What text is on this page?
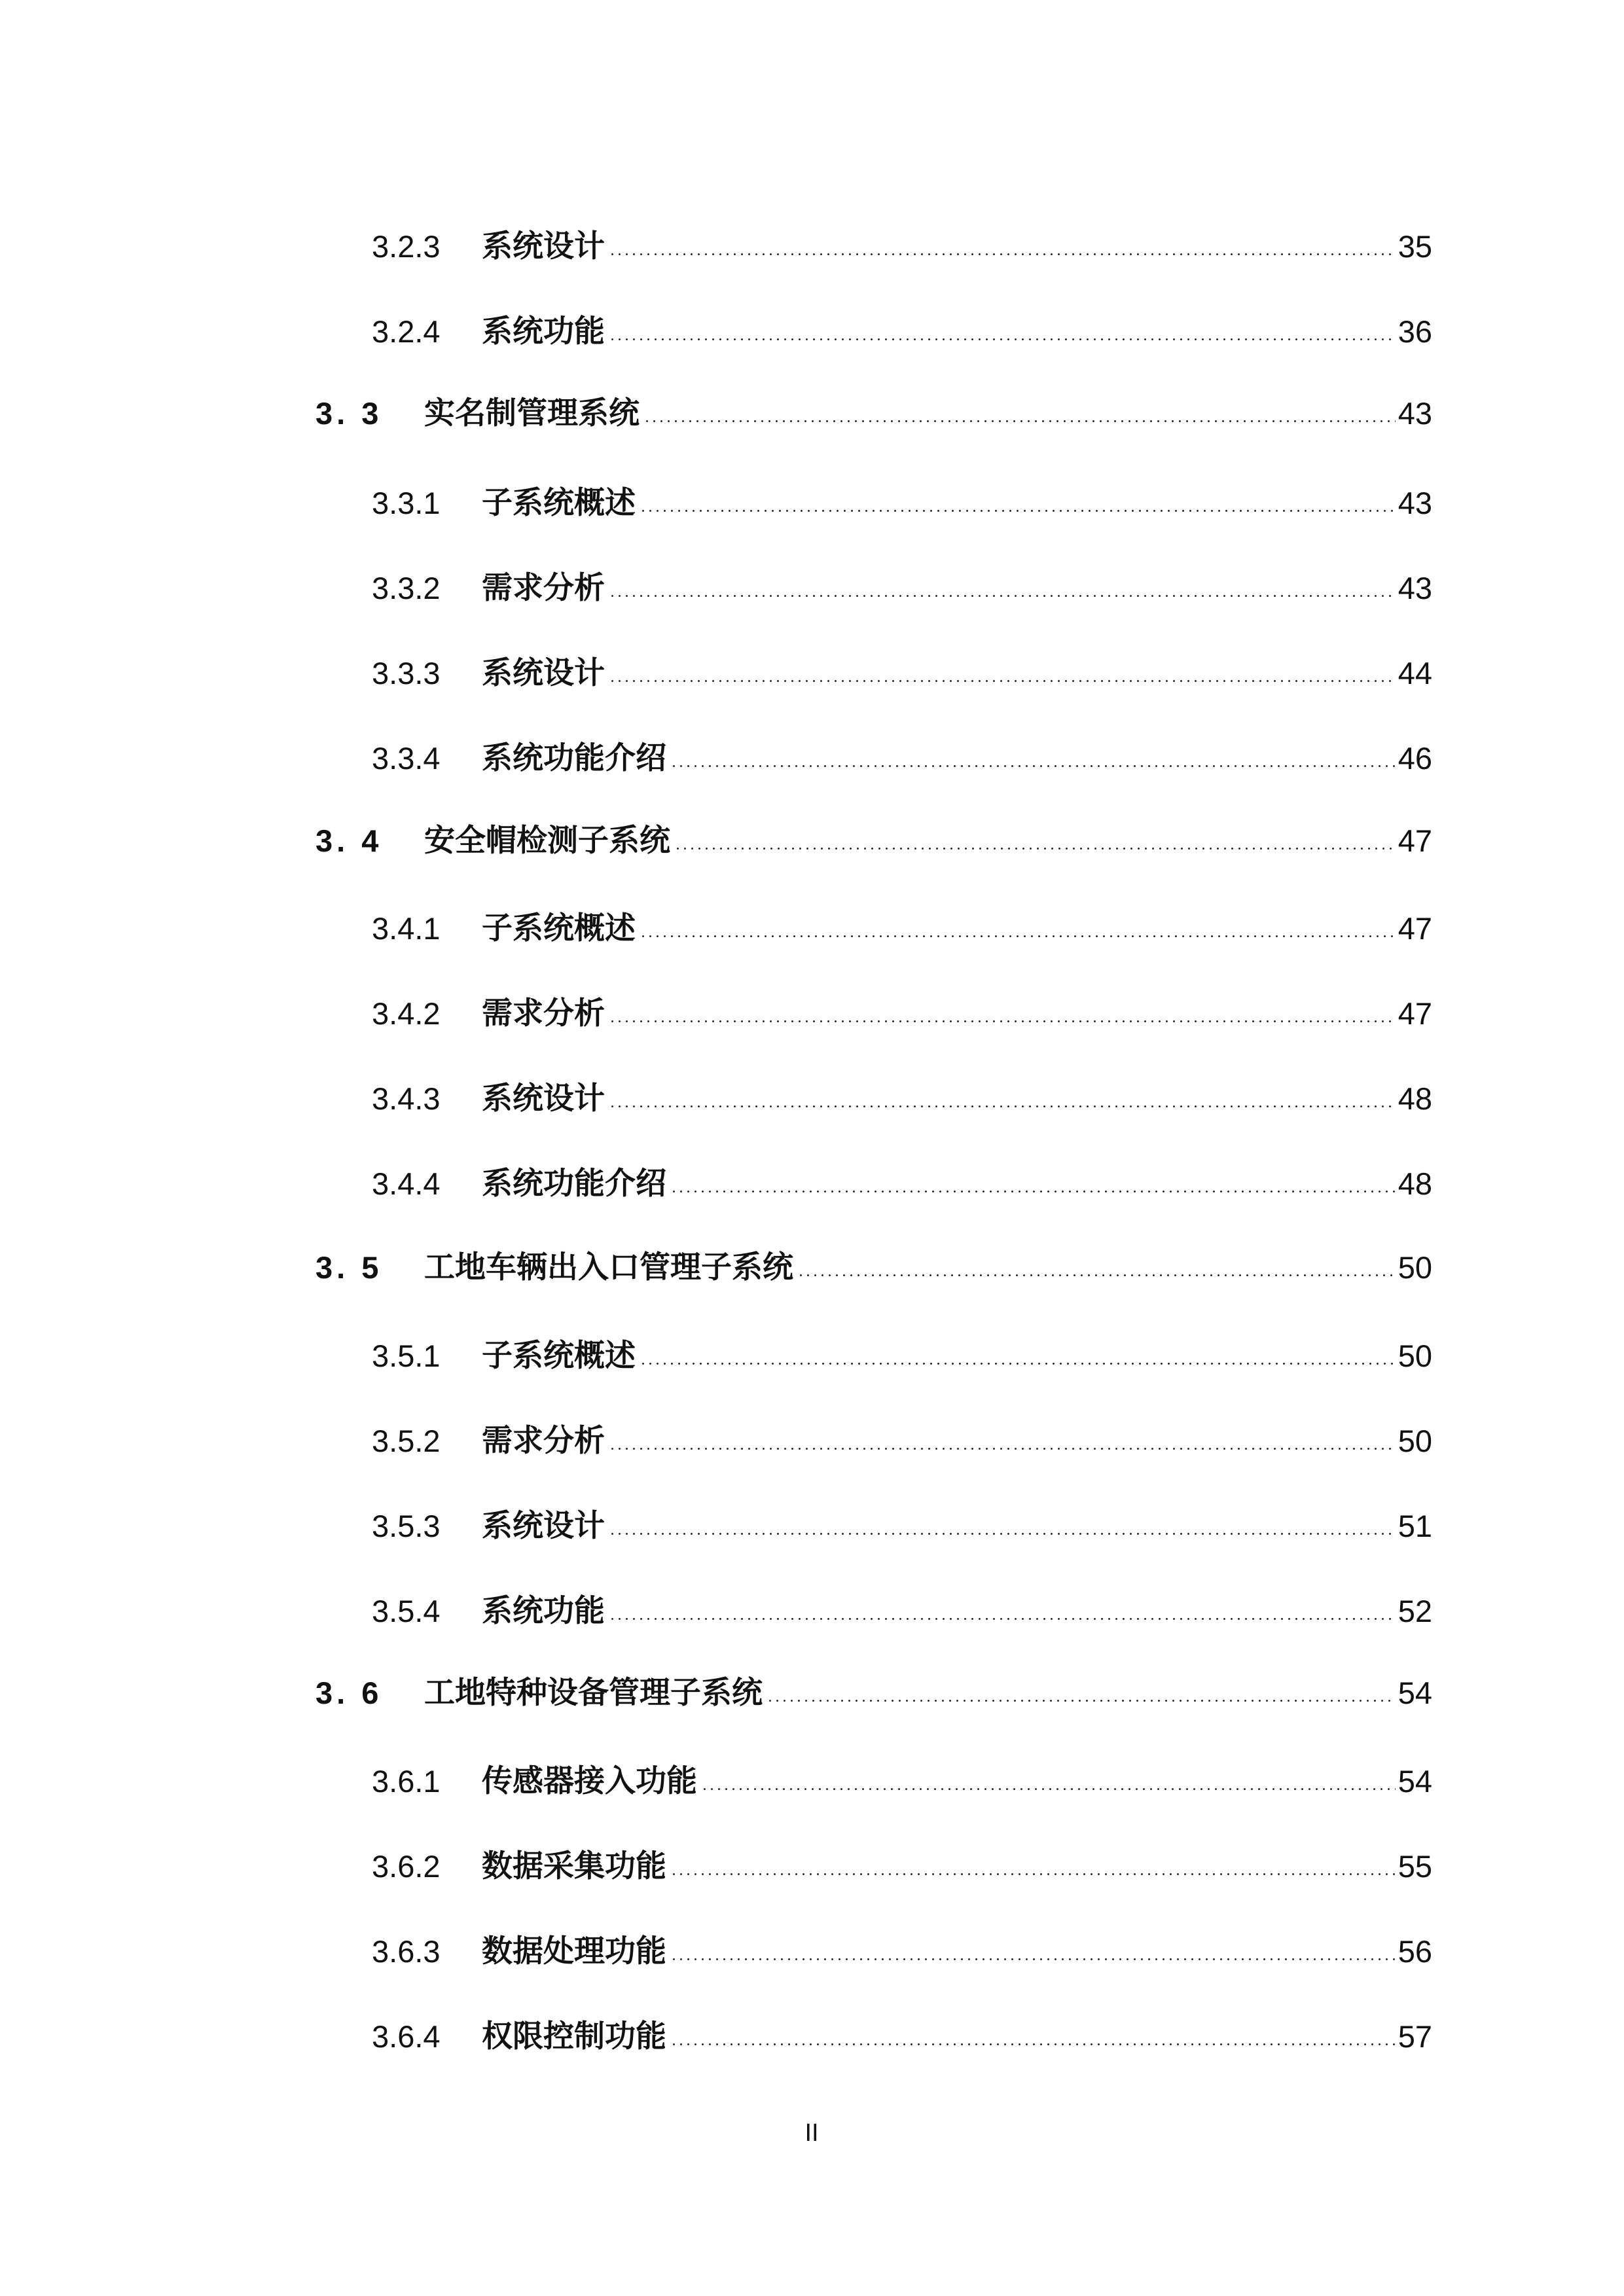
3.2.3	系统设计	35
3.2.4	系统功能	36
3. 3	实名制管理系统	43
3.3.1	子系统概述	43
3.3.2	需求分析	43
3.3.3	系统设计	44
3.3.4	系统功能介绍	46
3. 4	安全帽检测子系统	47
3.4.1	子系统概述	47
3.4.2	需求分析	47
3.4.3	系统设计	48
3.4.4	系统功能介绍	48
3. 5	工地车辆出入口管理子系统	50
3.5.1	子系统概述	50
3.5.2	需求分析	50
3.5.3	系统设计	51
3.5.4	系统功能	52
3. 6	工地特种设备管理子系统	54
3.6.1	传感器接入功能	54
3.6.2	数据采集功能	55
3.6.3	数据处理功能	56
3.6.4	权限控制功能	57
II
